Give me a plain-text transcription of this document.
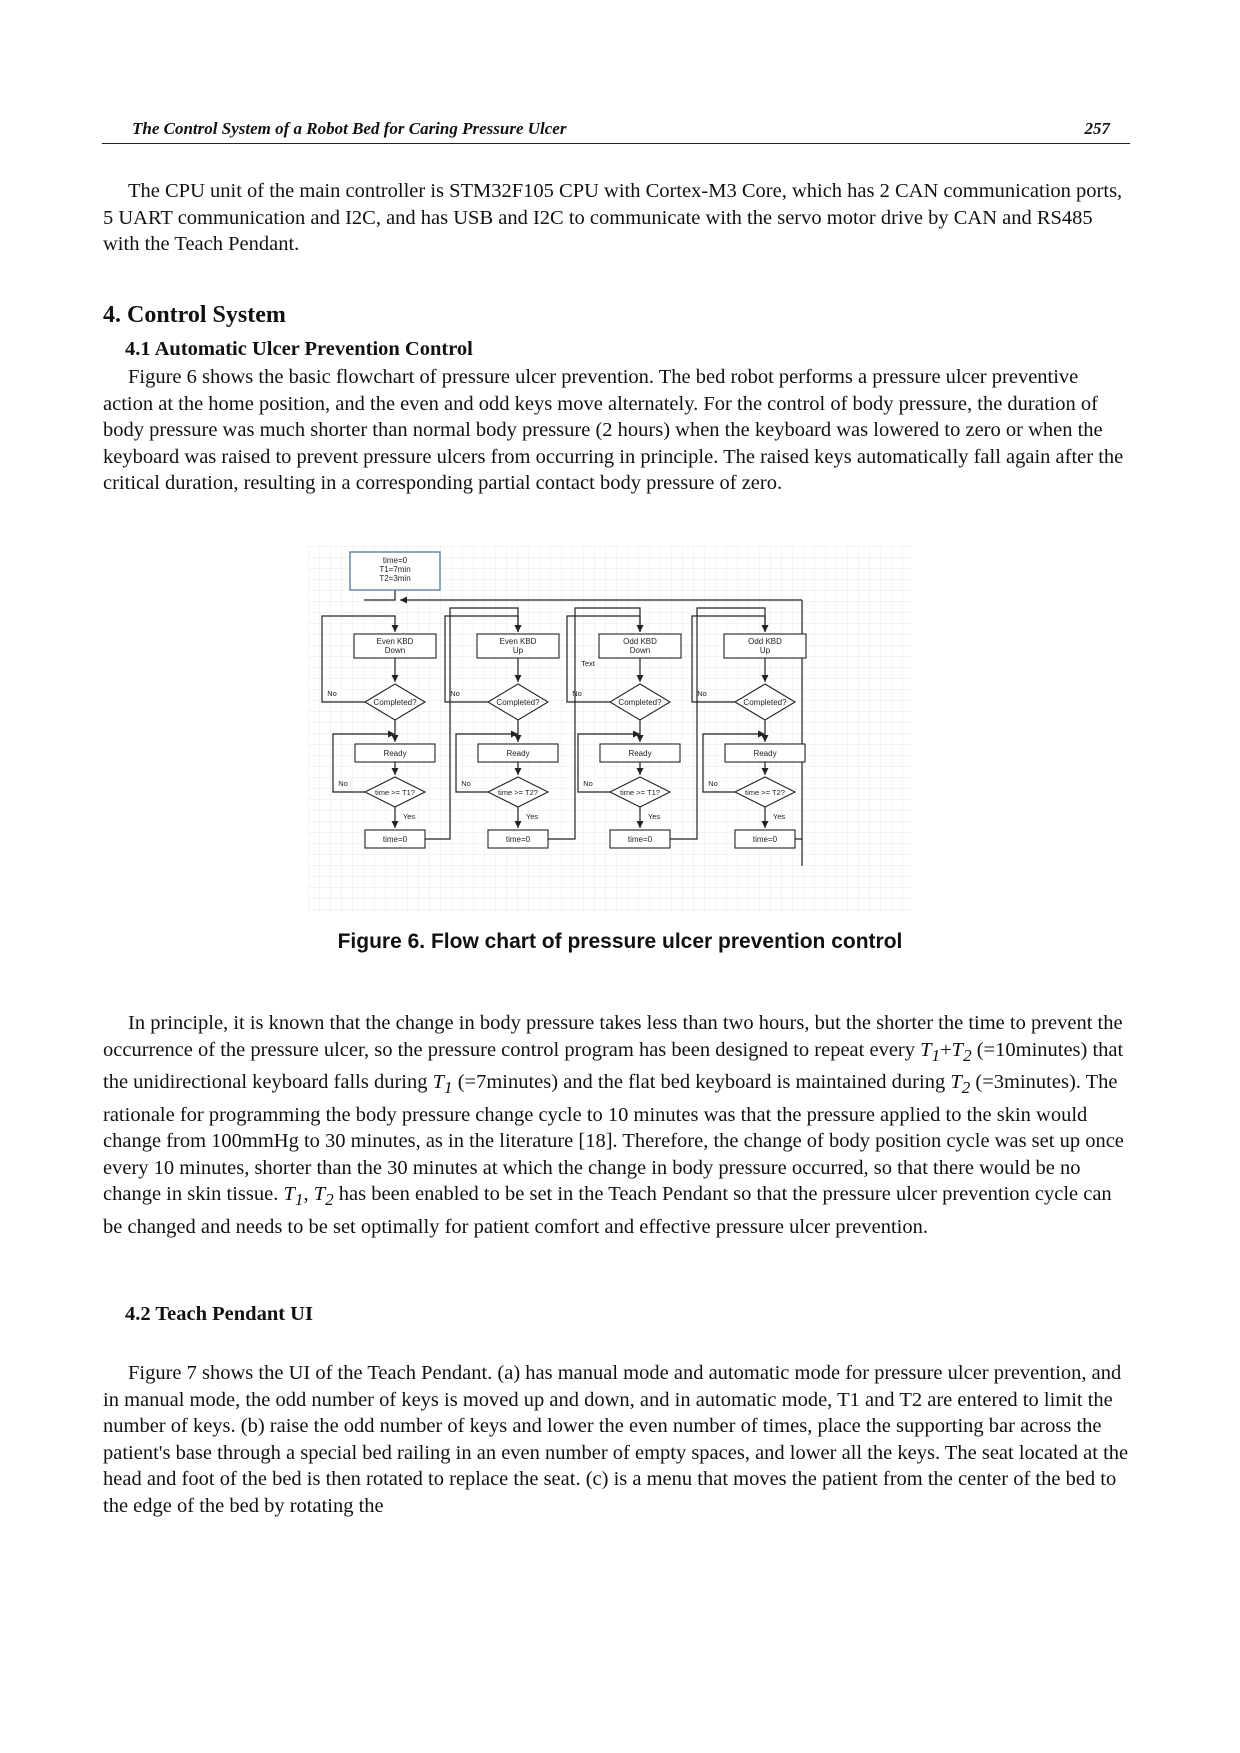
The Control System of a Robot Bed for Caring Pressure Ulcer	257

The CPU unit of the main controller is STM32F105 CPU with Cortex-M3 Core, which has 2 CAN communication ports, 5 UART communication and I2C, and has USB and I2C to communicate with the servo motor drive by CAN and RS485 with the Teach Pendant.

4. Control System
4.1 Automatic Ulcer Prevention Control

Figure 6 shows the basic flowchart of pressure ulcer prevention. The bed robot performs a pressure ulcer preventive action at the home position, and the even and odd keys move alternately. For the control of body pressure, the duration of body pressure was much shorter than normal body pressure (2 hours) when the keyboard was lowered to zero or when the keyboard was raised to prevent pressure ulcers from occurring in principle. The raised keys automatically fall again after the critical duration, resulting in a corresponding partial contact body pressure of zero.

time=0
T1=7min
T2=3min
Even KBD
Down
Completed?
No
Ready
time >= T1?
No
Yes
time=0
Even KBD
Up
Completed?
No
Ready
time >= T2?
No
Yes
time=0
Odd KBD
Down
Completed?
No
Ready
time >= T1?
No
Yes
time=0
Odd KBD
Up
Completed?
No
Ready
time >= T2?
No
Yes
time=0
Text
Figure 6. Flow chart of pressure ulcer prevention control

In principle, it is known that the change in body pressure takes less than two hours, but the shorter the time to prevent the occurrence of the pressure ulcer, so the pressure control program has been designed to repeat every $T_1+T_2$ (=10minutes) that the unidirectional keyboard falls during $T_1$ (=7minutes) and the flat bed keyboard is maintained during $T_2$ (=3minutes). The rationale for programming the body pressure change cycle to 10 minutes was that the pressure applied to the skin would change from 100mmHg to 30 minutes, as in the literature [18]. Therefore, the change of body position cycle was set up once every 10 minutes, shorter than the 30 minutes at which the change in body pressure occurred, so that there would be no change in skin tissue. $T_1$, $T_2$ has been enabled to be set in the Teach Pendant so that the pressure ulcer prevention cycle can be changed and needs to be set optimally for patient comfort and effective pressure ulcer prevention.

4.2 Teach Pendant UI

Figure 7 shows the UI of the Teach Pendant. (a) has manual mode and automatic mode for pressure ulcer prevention, and in manual mode, the odd number of keys is moved up and down, and in automatic mode, T1 and T2 are entered to limit the number of keys. (b) raise the odd number of keys and lower the even number of times, place the supporting bar across the patient's base through a special bed railing in an even number of empty spaces, and lower all the keys. The seat located at the head and foot of the bed is then rotated to replace the seat. (c) is a menu that moves the patient from the center of the bed to the edge of the bed by rotating the
